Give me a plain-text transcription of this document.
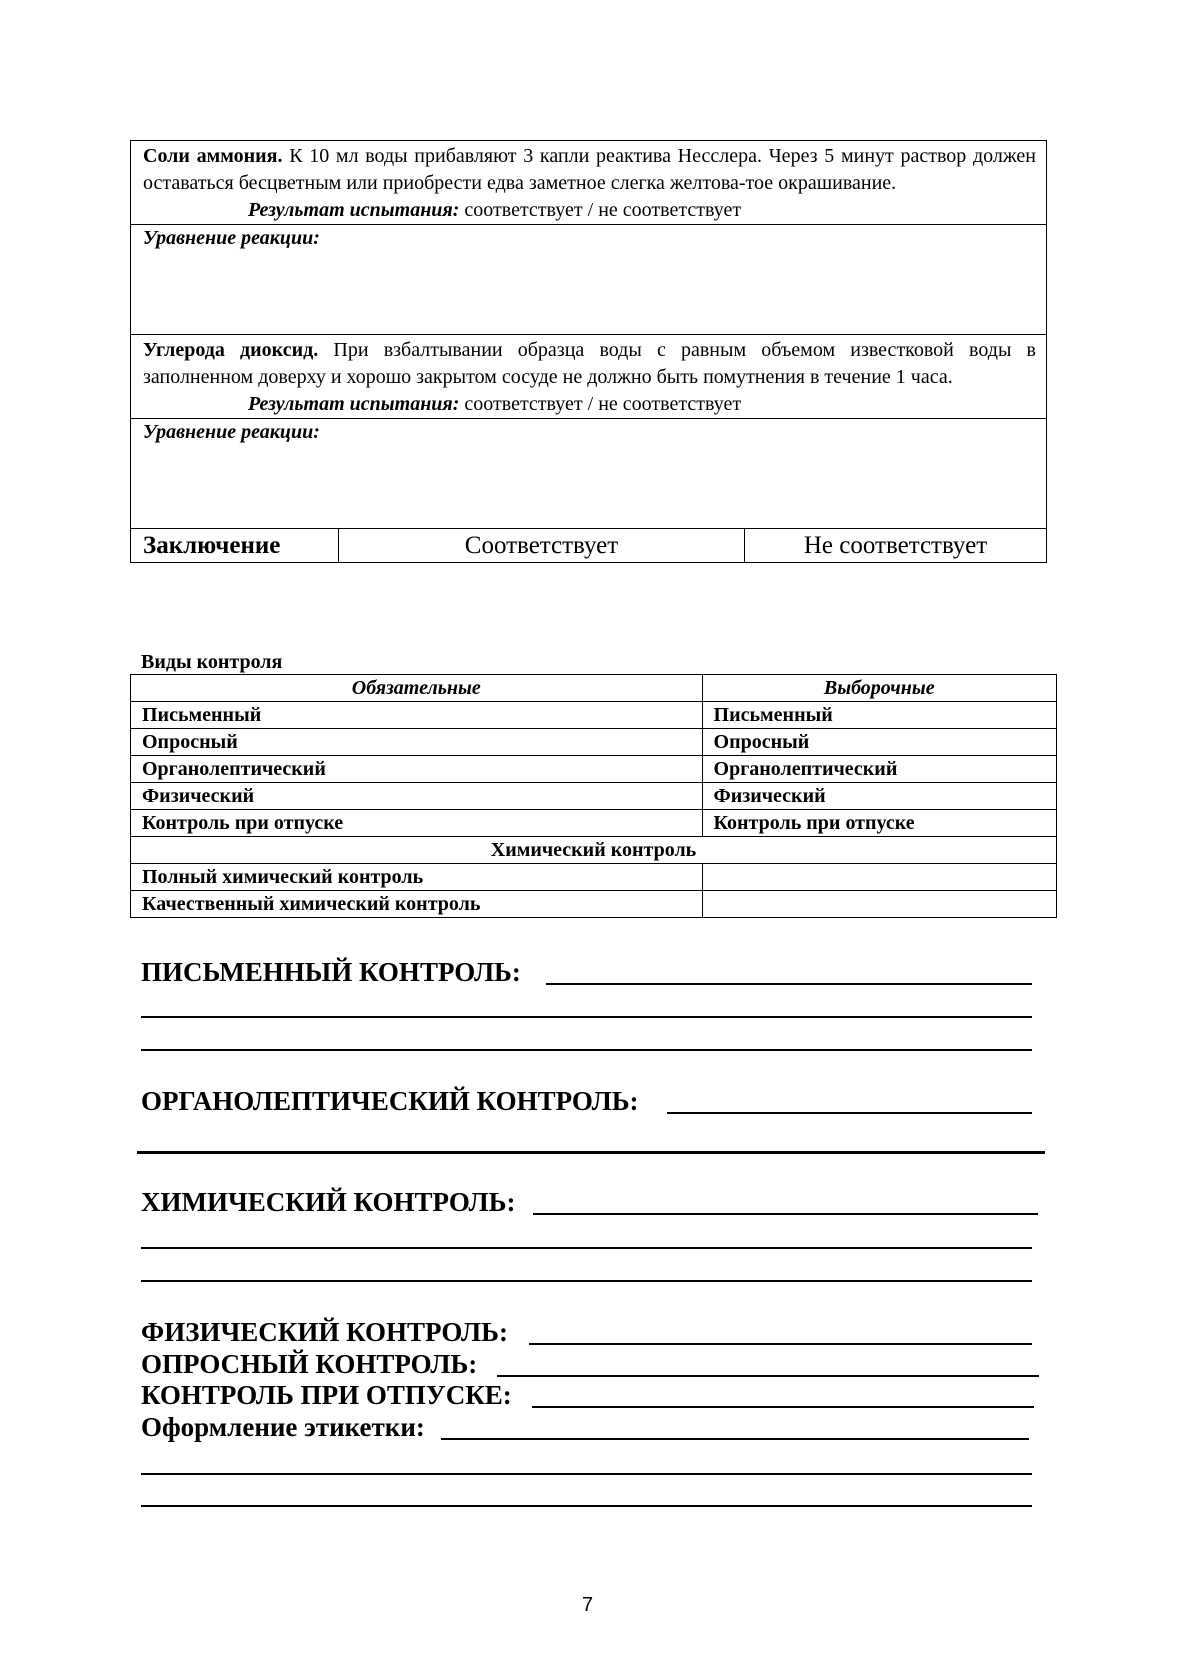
Соли аммония. К 10 мл воды прибавляют 3 капли реактива Несслера. Через 5 минут раствор должен оставаться бесцветным или приобрести едва заметное слегка желтова-тое окрашивание.
Результат испытания: соответствует / не соответствует
Уравнение реакции:
Углерода диоксид. При взбалтывании образца воды с равным объемом известковой воды в заполненном доверху и хорошо закрытом сосуде не должно быть помутнения в течение 1 часа.
Результат испытания: соответствует / не соответствует
Уравнение реакции:
Заключение	Соответствует	Не соответствует
Виды контроля
Обязательные	Выборочные
Письменный	Письменный
Опросный	Опросный
Органолептический	Органолептический
Физический	Физический
Контроль при отпуске	Контроль при отпуске
Химический контроль	
Полный химический контроль	
Качественный химический контроль	
ПИСЬМЕННЫЙ КОНТРОЛЬ:
ОРГАНОЛЕПТИЧЕСКИЙ КОНТРОЛЬ:
ХИМИЧЕСКИЙ КОНТРОЛЬ:
ФИЗИЧЕСКИЙ КОНТРОЛЬ:
ОПРОСНЫЙ КОНТРОЛЬ:
КОНТРОЛЬ ПРИ ОТПУСКЕ:
Оформление этикетки:
7
